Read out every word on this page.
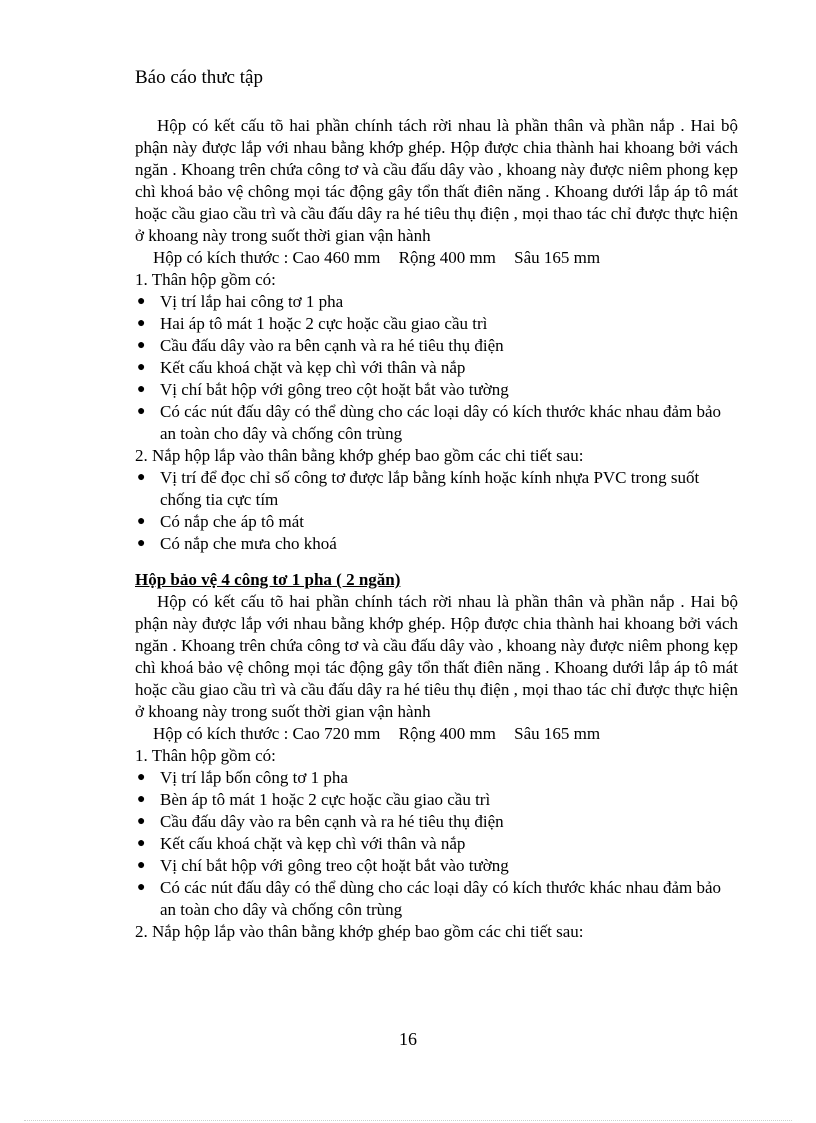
Báo cáo thưc tập

Hộp có kết cấu tõ hai phần chính tách rời nhau là phần thân và phần nắp . Hai bộ phận này được lắp với nhau bằng khớp ghép. Hộp được chia thành hai khoang bởi vách ngăn . Khoang trên chứa công tơ và cầu đấu dây vào , khoang này được niêm phong kẹp chì khoá bảo vệ chông mọi tác động gây tổn thất điên năng . Khoang dưới lắp áp tô mát hoặc cầu giao cầu trì và cầu đấu dây ra hé tiêu thụ điện , mọi thao tác chỉ được thực hiện ở khoang này trong suốt thời gian vận hành

Hộp có kích thước : Cao 460 mm Rộng 400 mm Sâu 165 mm

1. Thân hộp gồm có:

● Vị trí lắp hai công tơ 1 pha
● Hai áp tô mát 1 hoặc 2 cực hoặc cầu giao cầu trì
● Cầu đấu dây vào ra bên cạnh và ra hé tiêu thụ điện
● Kết cấu khoá chặt và kẹp chì với thân và nắp
● Vị chí bắt hộp với gông treo cột hoặt bắt vào tường
● Có các nút đấu dây có thể dùng cho các loại dây có kích thước khác nhau đảm bảo an toàn cho dây và chống côn trùng

2. Nắp hộp lắp vào thân bằng khớp ghép bao gồm các chi tiết sau:

● Vị trí để đọc chỉ số công tơ được lắp bằng kính hoặc kính nhựa PVC trong suốt chống tia cực tím
● Có nắp che áp tô mát
● Có nắp che mưa cho khoá

Hộp bảo vệ 4 công tơ 1 pha ( 2 ngăn)

Hộp có kết cấu tõ hai phần chính tách rời nhau là phần thân và phần nắp . Hai bộ phận này được lắp với nhau bằng khớp ghép. Hộp được chia thành hai khoang bởi vách ngăn . Khoang trên chứa công tơ và cầu đấu dây vào , khoang này được niêm phong kẹp chì khoá bảo vệ chông mọi tác động gây tổn thất điên năng . Khoang dưới lắp áp tô mát hoặc cầu giao cầu trì và cầu đấu dây ra hé tiêu thụ điện , mọi thao tác chỉ được thực hiện ở khoang này trong suốt thời gian vận hành

Hộp có kích thước : Cao 720 mm Rộng 400 mm Sâu 165 mm

1. Thân hộp gồm có:

● Vị trí lắp bốn công tơ 1 pha
● Bèn áp tô mát 1 hoặc 2 cực hoặc cầu giao cầu trì
● Cầu đấu dây vào ra bên cạnh và ra hé tiêu thụ điện
● Kết cấu khoá chặt và kẹp chì với thân và nắp
● Vị chí bắt hộp với gông treo cột hoặt bắt vào tường
● Có các nút đấu dây có thể dùng cho các loại dây có kích thước khác nhau đảm bảo an toàn cho dây và chống côn trùng

2. Nắp hộp lắp vào thân bằng khớp ghép bao gồm các chi tiết sau:

16
